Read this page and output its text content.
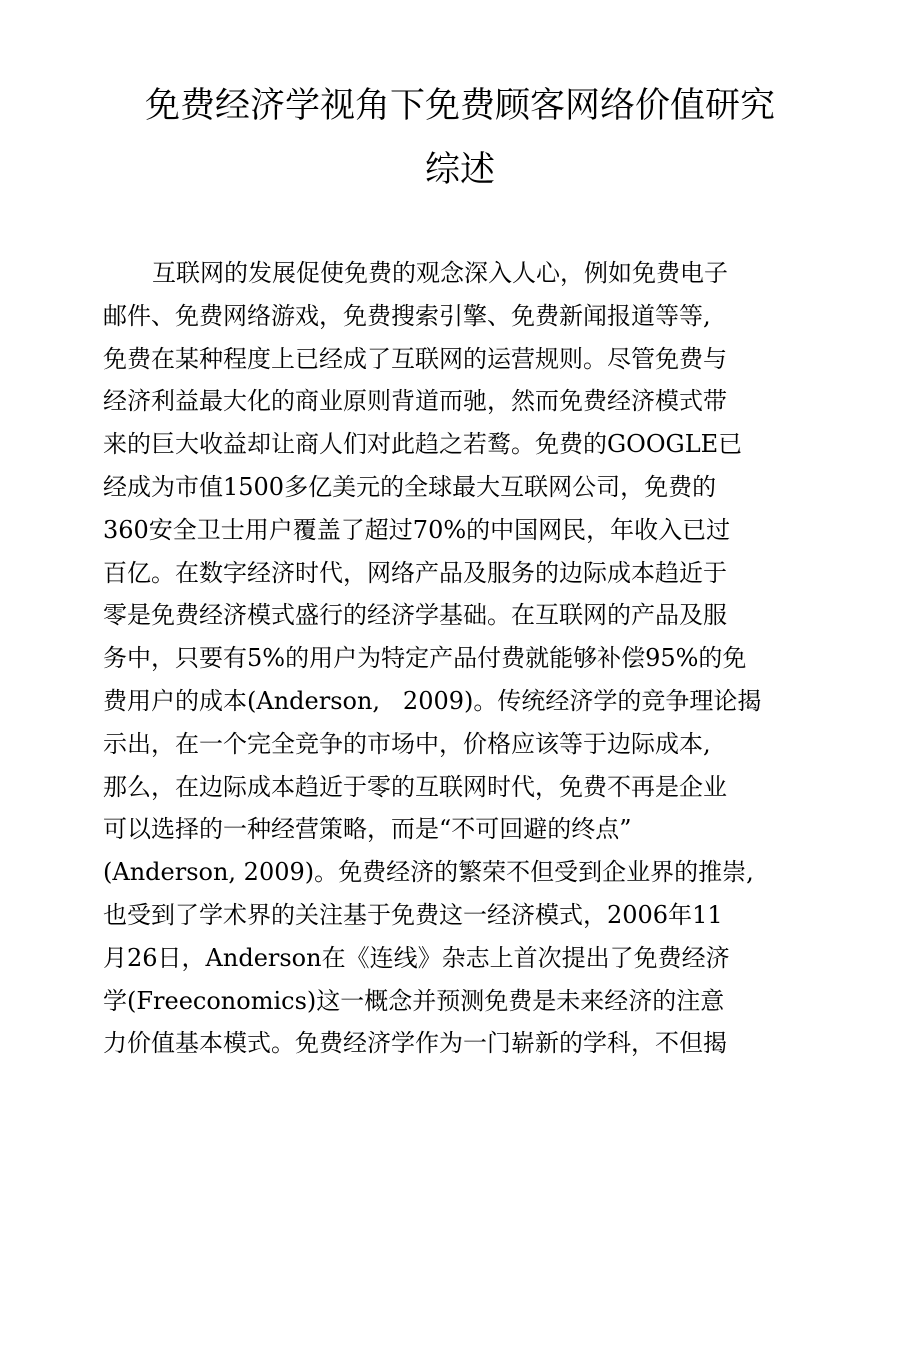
免费经济学视角下免费顾客网络价值研究
综述

互联网的发展促使免费的观念深入人心，例如免费电子

邮件、免费网络游戏，免费搜索引擎、免费新闻报道等等,

免费在某种程度上已经成了互联网的运营规则。尽管免费与

经济利益最大化的商业原则背道而驰，然而免费经济模式带

来的巨大收益却让商人们对此趋之若鹜。免费的GOOGLE已

经成为市值1500多亿美元的全球最大互联网公司，免费的

360安全卫士用户覆盖了超过70%的中国网民，年收入已过

百亿。在数字经济时代，网络产品及服务的边际成本趋近于

零是免费经济模式盛行的经济学基础。在互联网的产品及服

务中，只要有5%的用户为特定产品付费就能够补偿95%的免

费用户的成本(Anderson,   2009)。传统经济学的竞争理论揭

示出，在一个完全竞争的市场中，价格应该等于边际成本,

那么，在边际成本趋近于零的互联网时代，免费不再是企业

可以选择的一种经营策略，而是“不可回避的终点”

(Anderson, 2009)。免费经济的繁荣不但受到企业界的推崇,

也受到了学术界的关注基于免费这一经济模式，2006年11

月26日，Anderson在《连线》杂志上首次提出了免费经济

学(Freeconomics)这一概念并预测免费是未来经济的注意

力价值基本模式。免费经济学作为一门崭新的学科，不但揭
